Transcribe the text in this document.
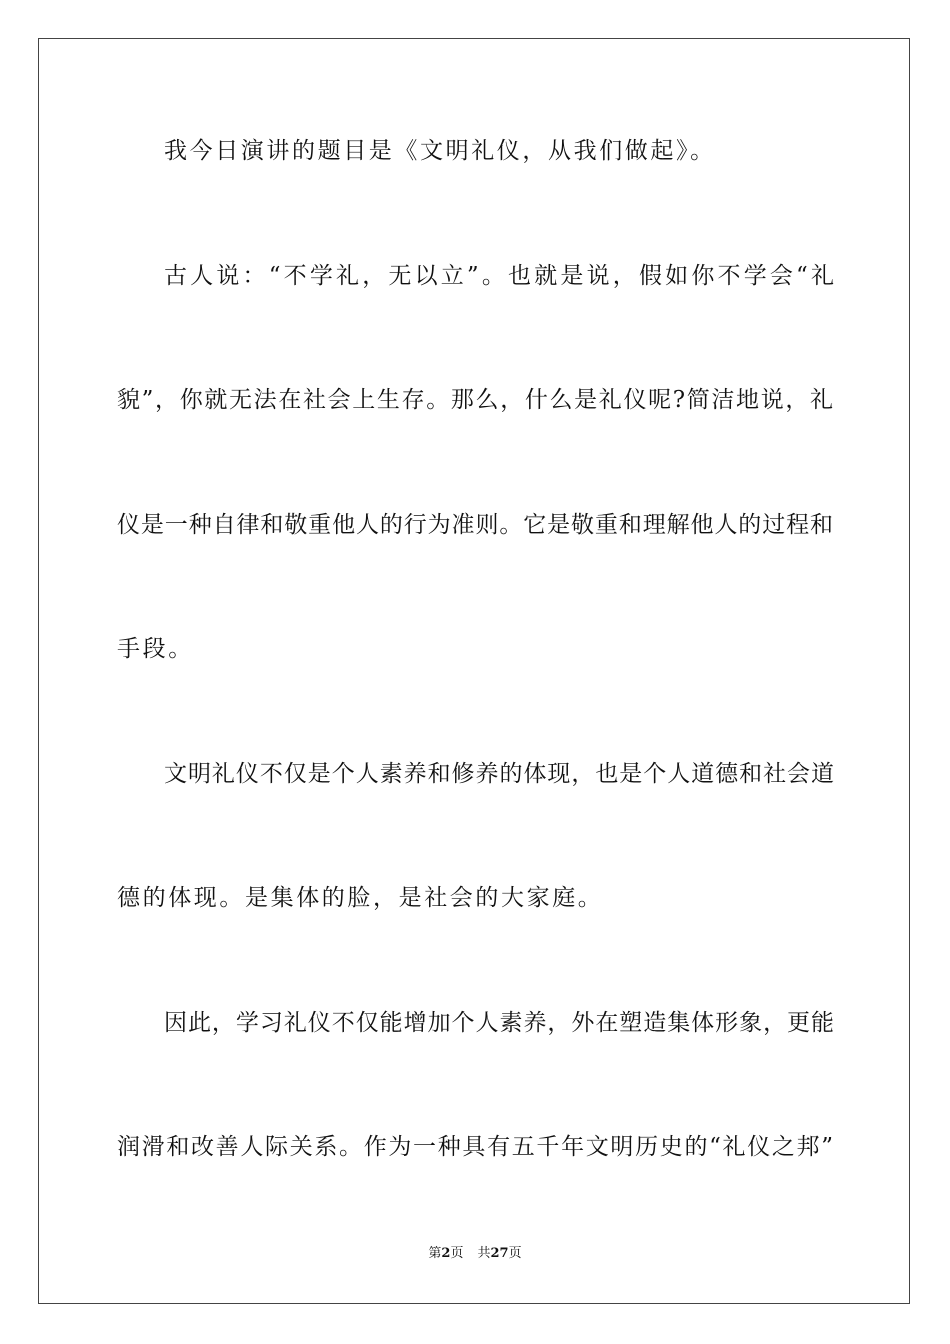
我今日演讲的题目是《文明礼仪，从我们做起》。
古人说：“不学礼，无以立”。也就是说，假如你不学会“礼
貌”，你就无法在社会上生存。那么，什么是礼仪呢?简洁地说，礼
仪是一种自律和敬重他人的行为准则。它是敬重和理解他人的过程和
手段。
文明礼仪不仅是个人素养和修养的体现，也是个人道德和社会道
德的体现。是集体的脸，是社会的大家庭。
因此，学习礼仪不仅能增加个人素养，外在塑造集体形象，更能
润滑和改善人际关系。作为一种具有五千年文明历史的“礼仪之邦”
第2页 共27页
